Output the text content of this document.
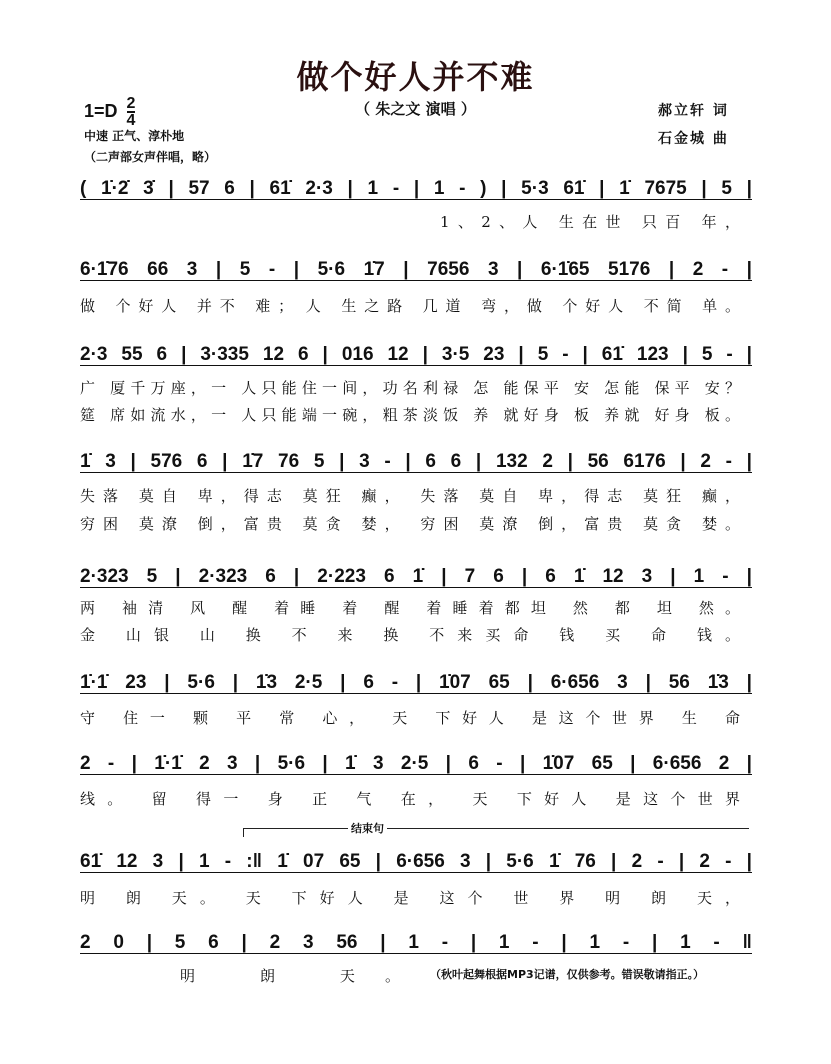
做个好人并不难
（ 朱之文 演唱 ）
$1=D \frac{2}{4}$
中速 正气、淳朴地
（二声部女声伴唱，略）
郝立轩 词
石金城 曲
( 1̇·2̇ 3̇ | 57 6 | 61̇ 2·3 | 1 - | 1 - ) | 5·3 61̇ | 1̇ 7675 | 5 |
1、2、人 生在世 只百 年，
6·1̇76 66 3 | 5 - | 5·6 1̇7 | 7656 3 | 6·1̇65 5176 | 2 - |
做 个好人 并不 难； 人 生之路 几道 弯，做 个好人 不简 单。
2·3 55 6 | 3·335 12 6 | 016 12 | 3·5 23 | 5 - | 61̇ 123 | 5 - |
广 厦千万座，一 人只能住一间，功名利禄 怎 能保平 安 怎能 保平 安？
筵 席如流水，一 人只能端一碗，粗茶淡饭 养 就好身 板 养就 好身 板。
1̇ 3 | 576 6 | 1̇7 76 5 | 3 - | 6 6 | 132 2 | 56 6176 | 2 - |
失落 莫自 卑，得志 莫狂 癫， 失落 莫自 卑，得志 莫狂 癫，
穷困 莫潦 倒，富贵 莫贪 婪， 穷困 莫潦 倒，富贵 莫贪 婪。
2·323 5 | 2·323 6 | 2·223 6 1̇ | 7 6 | 6 1̇ 12 3 | 1 - |
两 袖清 风 醒 着睡 着 醒 着睡着都坦 然 都 坦 然。
金 山银 山 换 不 来 换 不来买命 钱 买 命 钱。
1̇·1̇ 23 | 5·6 | 1̇3 2·5 | 6 - | 1̇07 65 | 6·656 3 | 56 1̇3 |
守 住一 颗 平 常 心， 天 下好人 是这个世界 生 命
2 - | 1̇·1̇ 2 3 | 5·6 | 1̇ 3 2·5 | 6 - | 1̇07 65 | 6·656 2 |
线。 留 得一 身 正 气 在， 天 下好人 是这个世界
结束句
61̇ 12 3 | 1 - :‖ 1̇ 07 65 | 6·656 3 | 5·6 1̇ 76 | 2 - | 2 - |
明 朗 天。 天 下好人 是 这个 世 界 明 朗 天，
2 0 | 5 6 | 2 3 56 | 1 - | 1 - | 1 - | 1 - ‖
明 朗 天。	（秋叶起舞根据MP3记谱，仅供参考。错误敬请指正。）
